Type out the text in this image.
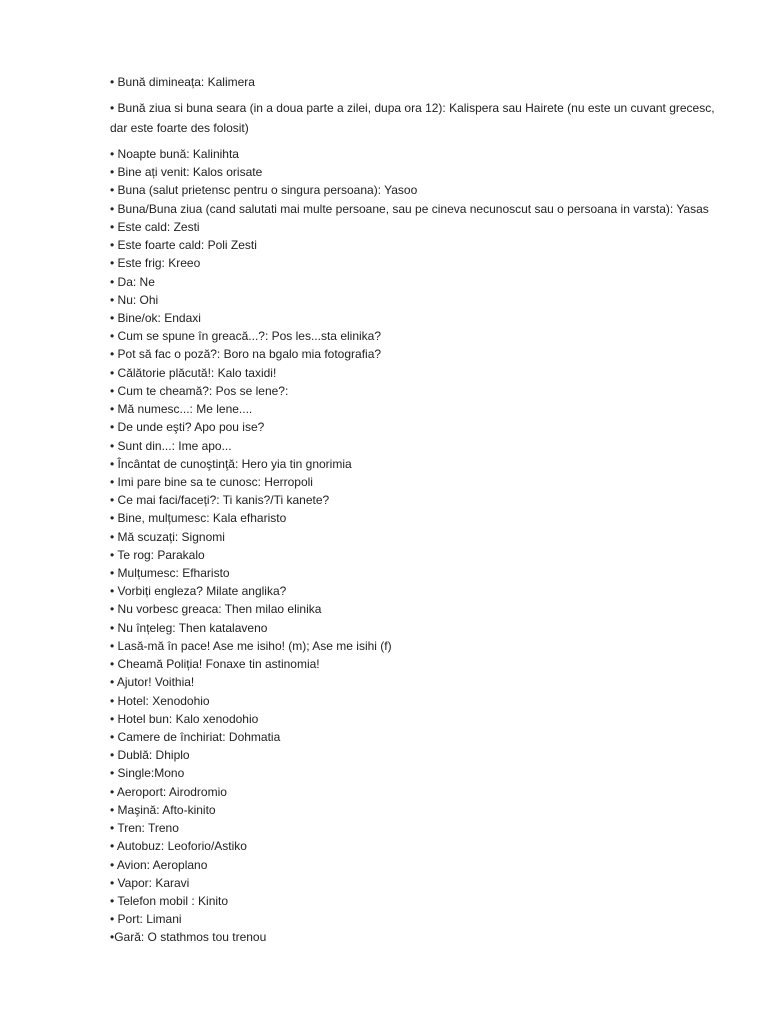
• Bună dimineața: Kalimera

• Bună ziua si buna seara (in a doua parte a zilei, dupa ora 12): Kalispera sau Hairete (nu este un cuvant grecesc, dar este foarte des folosit)

• Noapte bună: Kalinihta
• Bine ați venit: Kalos orisate
• Buna (salut prietensc pentru o singura persoana): Yasoo
• Buna/Buna ziua (cand salutati mai multe persoane, sau pe cineva necunoscut sau o persoana in varsta): Yasas
• Este cald: Zesti
• Este foarte cald: Poli Zesti
• Este frig: Kreeo
• Da: Ne
• Nu: Ohi
• Bine/ok: Endaxi
• Cum se spune în greacă...?: Pos les...sta elinika?
• Pot să fac o poză?: Boro na bgalo mia fotografia?
• Călătorie plăcută!: Kalo taxidi!
• Cum te cheamă?: Pos se lene?:
• Mă numesc...: Me lene....
• De unde eşti? Apo pou ise?
• Sunt din...: Ime apo...
• Încântat de cunoştinţă: Hero yia tin gnorimia
• Imi pare bine sa te cunosc: Herropoli
• Ce mai faci/faceți?: Ti kanis?/Ti kanete?
• Bine, mulțumesc: Kala efharisto
• Mă scuzați: Signomi
• Te rog: Parakalo
• Mulțumesc: Efharisto
• Vorbiți engleza? Milate anglika?
• Nu vorbesc greaca: Then milao elinika
• Nu înțeleg: Then katalaveno
• Lasă-mă în pace! Ase me isiho! (m); Ase me isihi (f)
• Cheamă Poliția! Fonaxe tin astinomia!
• Ajutor! Voithia!
• Hotel: Xenodohio
• Hotel bun: Kalo xenodohio
• Camere de închiriat: Dohmatia
• Dublă: Dhiplo
• Single:Mono
• Aeroport: Airodromio
• Maşină: Afto-kinito
• Tren: Treno
• Autobuz: Leoforio/Astiko
• Avion: Aeroplano
• Vapor: Karavi
• Telefon mobil : Kinito
• Port: Limani
•Gară: O stathmos tou trenou
